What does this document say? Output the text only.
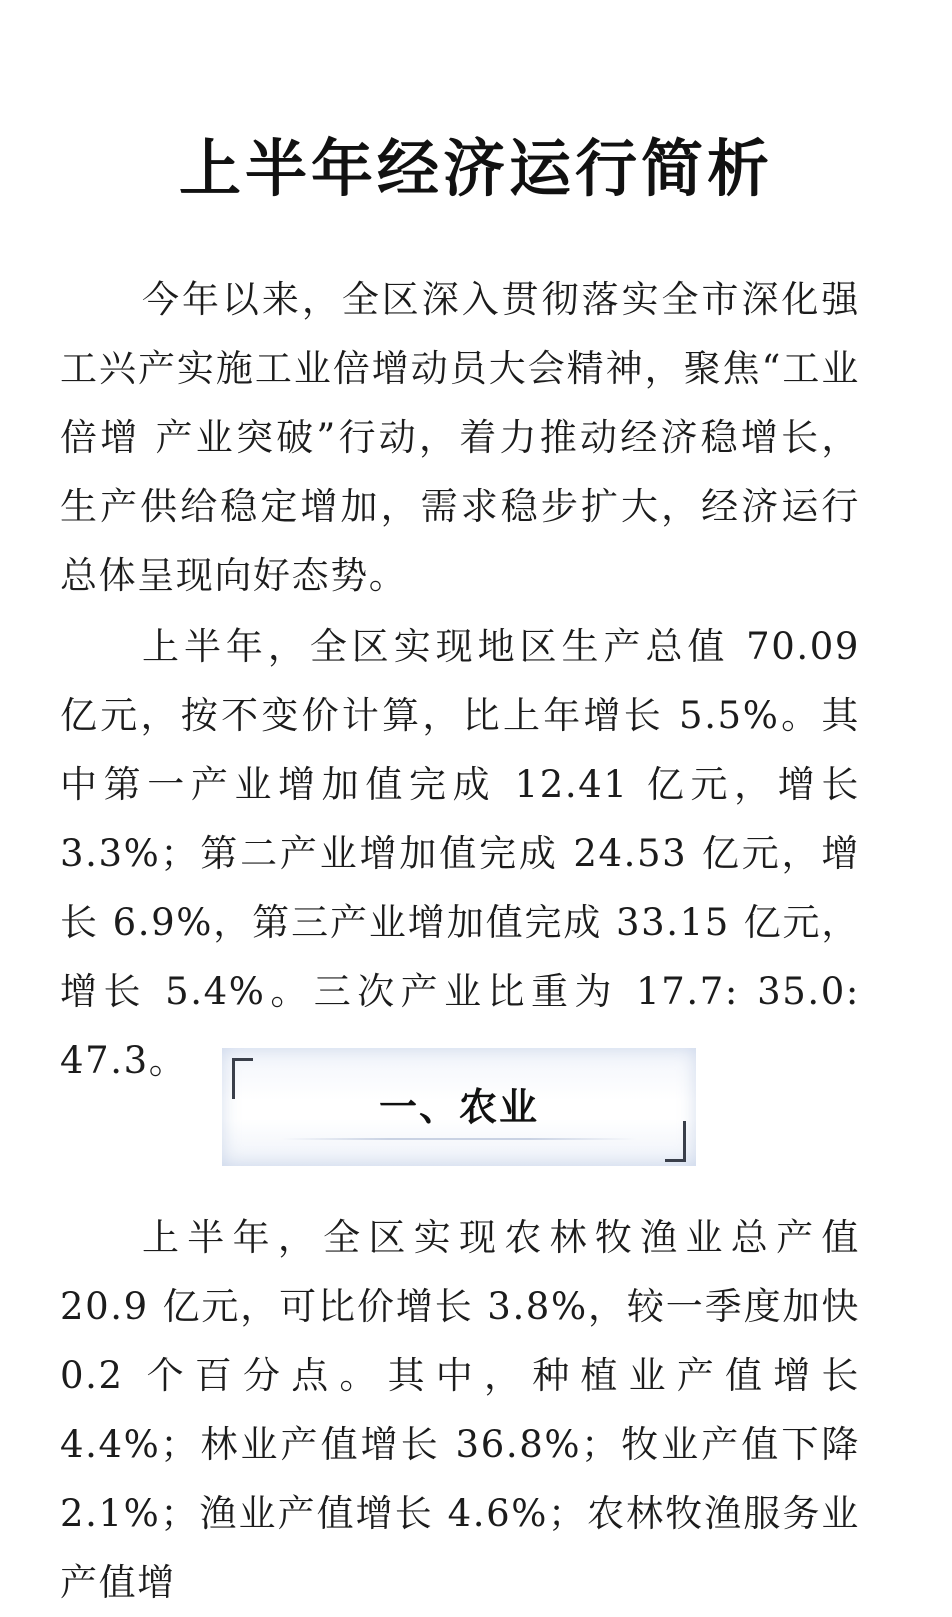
上半年经济运行简析

今年以来，全区深入贯彻落实全市深化强工兴产实施工业倍增动员大会精神，聚焦“工业倍增 产业突破”行动，着力推动经济稳增长，生产供给稳定增加，需求稳步扩大，经济运行总体呈现向好态势。

上半年，全区实现地区生产总值 70.09 亿元，按不变价计算，比上年增长 5.5%。其中第一产业增加值完成 12.41 亿元，增长 3.3%；第二产业增加值完成 24.53 亿元，增长 6.9%，第三产业增加值完成 33.15 亿元，增长 5.4%。三次产业比重为 17.7: 35.0: 47.3。

一、农业

上半年，全区实现农林牧渔业总产值 20.9 亿元，可比价增长 3.8%，较一季度加快 0.2 个百分点。其中，种植业产值增长 4.4%；林业产值增长 36.8%；牧业产值下降 2.1%；渔业产值增长 4.6%；农林牧渔服务业产值增
